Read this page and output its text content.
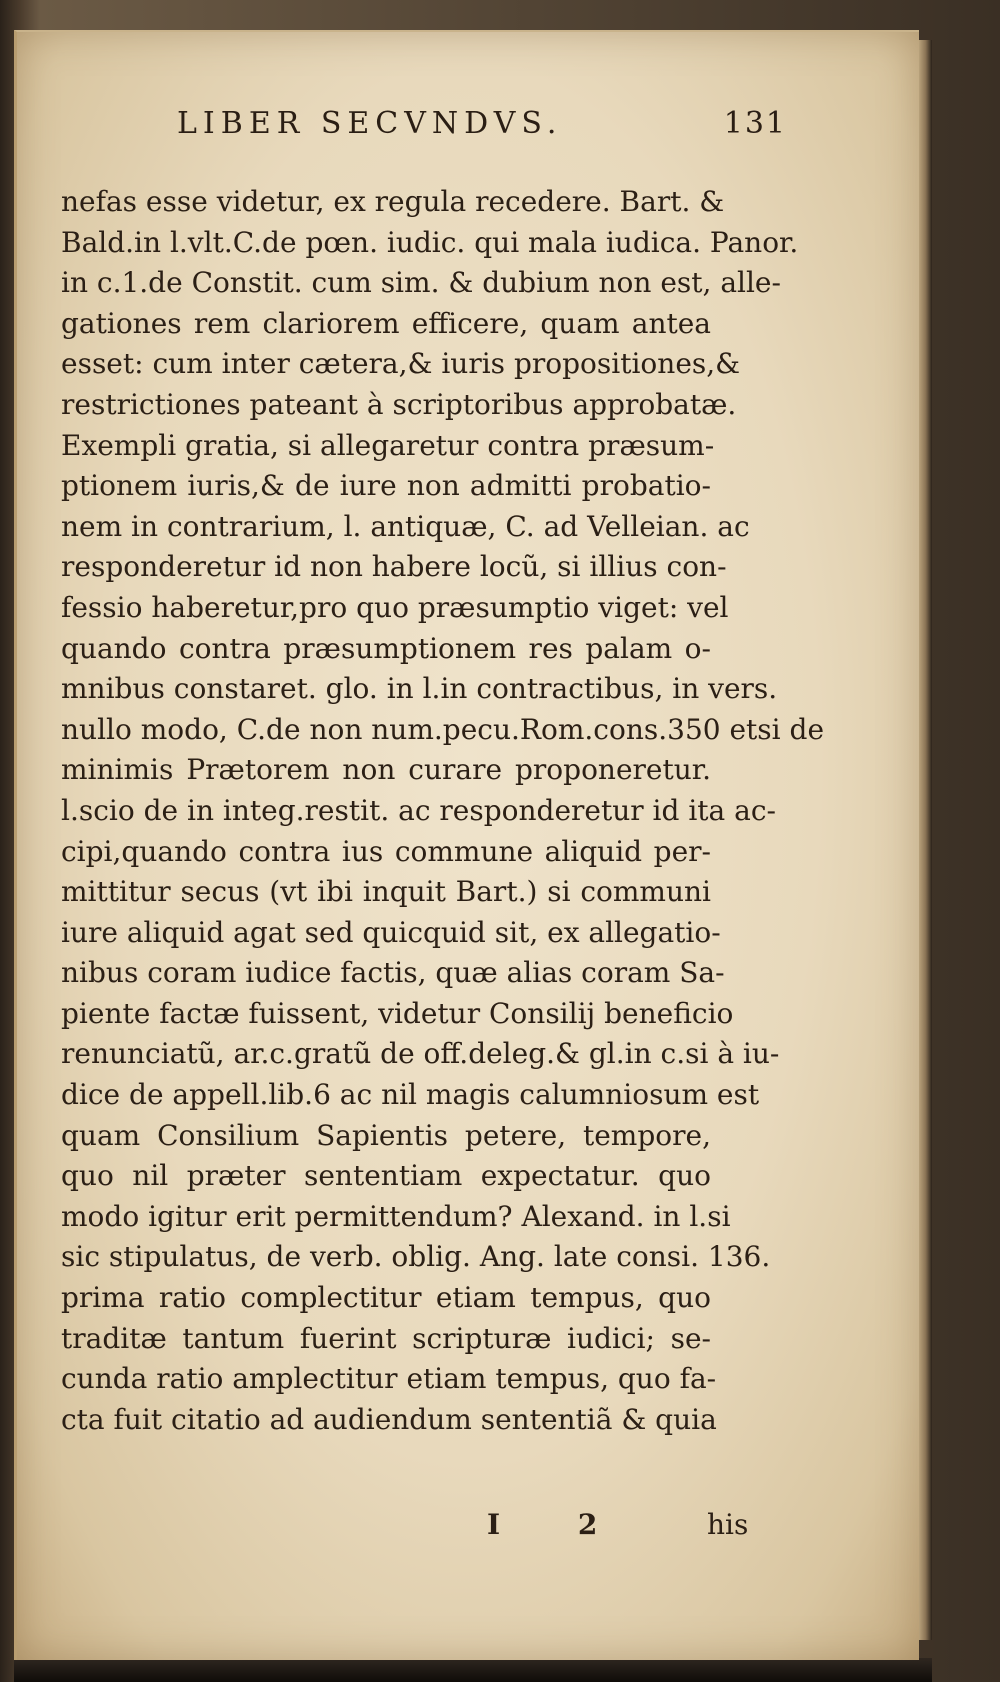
LIBER SECVNDVS.	131
nefas esse videtur, ex regula recedere. Bart. &
Bald.in l.vlt.C.de pœn. iudic. qui mala iudica. Panor.
in c.1.de Constit. cum sim. & dubium non est, alle-
gationes rem clariorem efficere, quam antea
esset: cum inter cætera,& iuris propositiones,&
restrictiones pateant à scriptoribus approbatæ.
Exempli gratia, si allegaretur contra præsum-
ptionem iuris,& de iure non admitti probatio-
nem in contrarium, l. antiquæ, C. ad Velleian. ac
responderetur id non habere locũ, si illius con-
fessio haberetur,pro quo præsumptio viget: vel
quando contra præsumptionem res palam o-
mnibus constaret. glo. in l.in contractibus, in vers.
nullo modo, C.de non num.pecu.Rom.cons.350 etsi de
minimis Prætorem non curare proponeretur.
l.scio de in integ.restit. ac responderetur id ita ac-
cipi,quando contra ius commune aliquid per-
mittitur secus (vt ibi inquit Bart.) si communi
iure aliquid agat sed quicquid sit, ex allegatio-
nibus coram iudice factis, quæ alias coram Sa-
piente factæ fuissent, videtur Consilij beneficio
renunciatũ, ar.c.gratũ de off.deleg.& gl.in c.si à iu-
dice de appell.lib.6 ac nil magis calumniosum est
quam Consilium Sapientis petere, tempore,
quo nil præter sententiam expectatur. quo
modo igitur erit permittendum? Alexand. in l.si
sic stipulatus, de verb. oblig. Ang. late consi. 136.
prima ratio complectitur etiam tempus, quo
traditæ tantum fuerint scripturæ iudici; se-
cunda ratio amplectitur etiam tempus, quo fa-
cta fuit citatio ad audiendum sententiã & quia
I 2	his
